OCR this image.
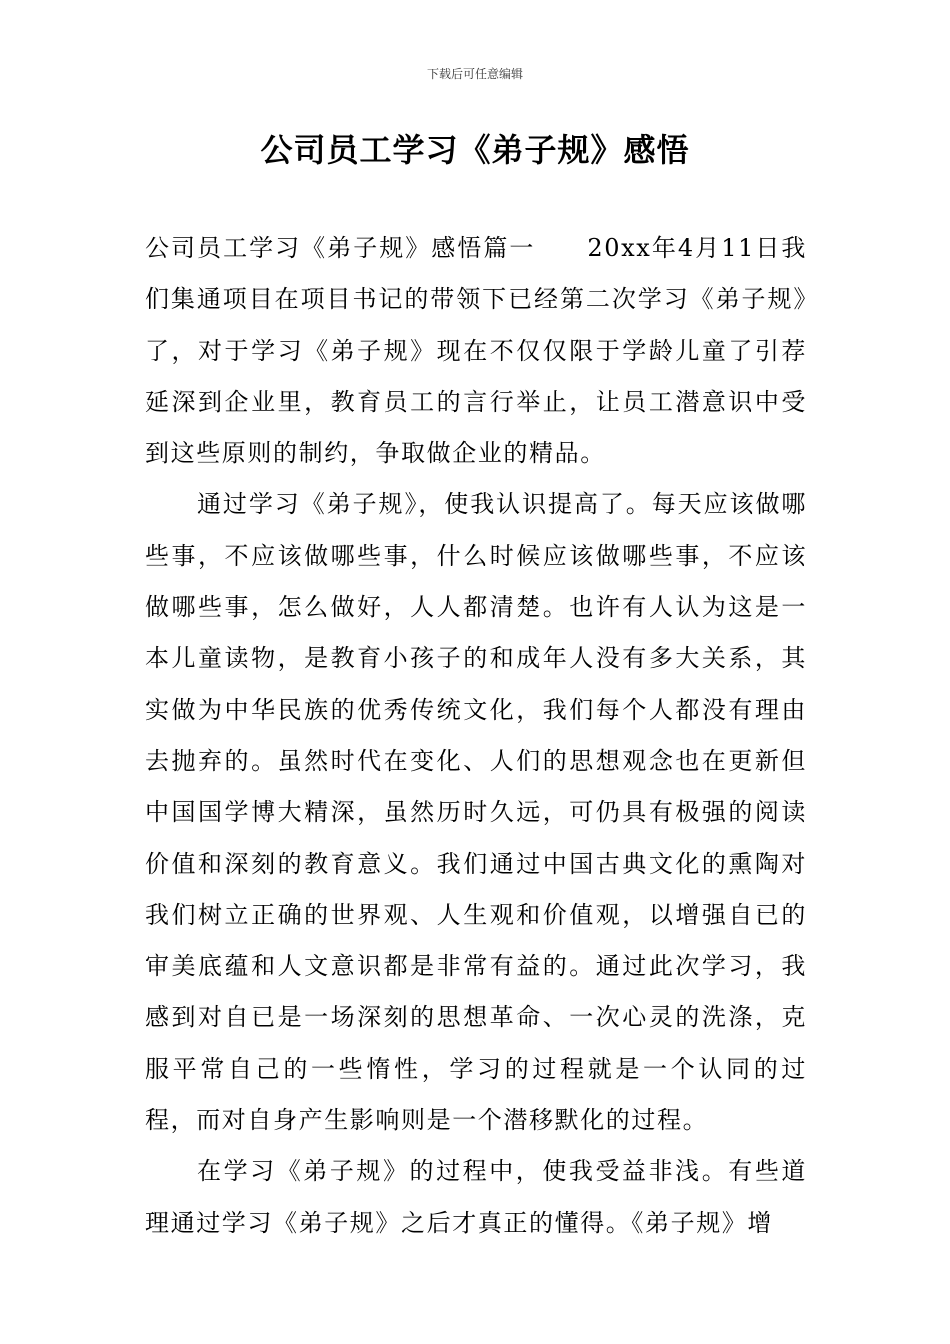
下载后可任意编辑
公司员工学习《弟子规》感悟

公司员工学习《弟子规》感悟篇一　　20xx年4月11日我们集通项目在项目书记的带领下已经第二次学习《弟子规》了，对于学习《弟子规》现在不仅仅限于学龄儿童了引荐延深到企业里，教育员工的言行举止，让员工潜意识中受到这些原则的制约，争取做企业的精品。

通过学习《弟子规》，使我认识提高了。每天应该做哪些事，不应该做哪些事，什么时候应该做哪些事，不应该做哪些事，怎么做好，人人都清楚。也许有人认为这是一本儿童读物，是教育小孩子的和成年人没有多大关系，其实做为中华民族的优秀传统文化，我们每个人都没有理由去抛弃的。虽然时代在变化、人们的思想观念也在更新但中国国学博大精深，虽然历时久远，可仍具有极强的阅读价值和深刻的教育意义。我们通过中国古典文化的熏陶对我们树立正确的世界观、人生观和价值观，以增强自已的审美底蕴和人文意识都是非常有益的。通过此次学习，我感到对自已是一场深刻的思想革命、一次心灵的洗涤，克服平常自己的一些惰性，学习的过程就是一个认同的过程，而对自身产生影响则是一个潜移默化的过程。

在学习《弟子规》的过程中，使我受益非浅。有些道理通过学习《弟子规》之后才真正的懂得。《弟子规》增
